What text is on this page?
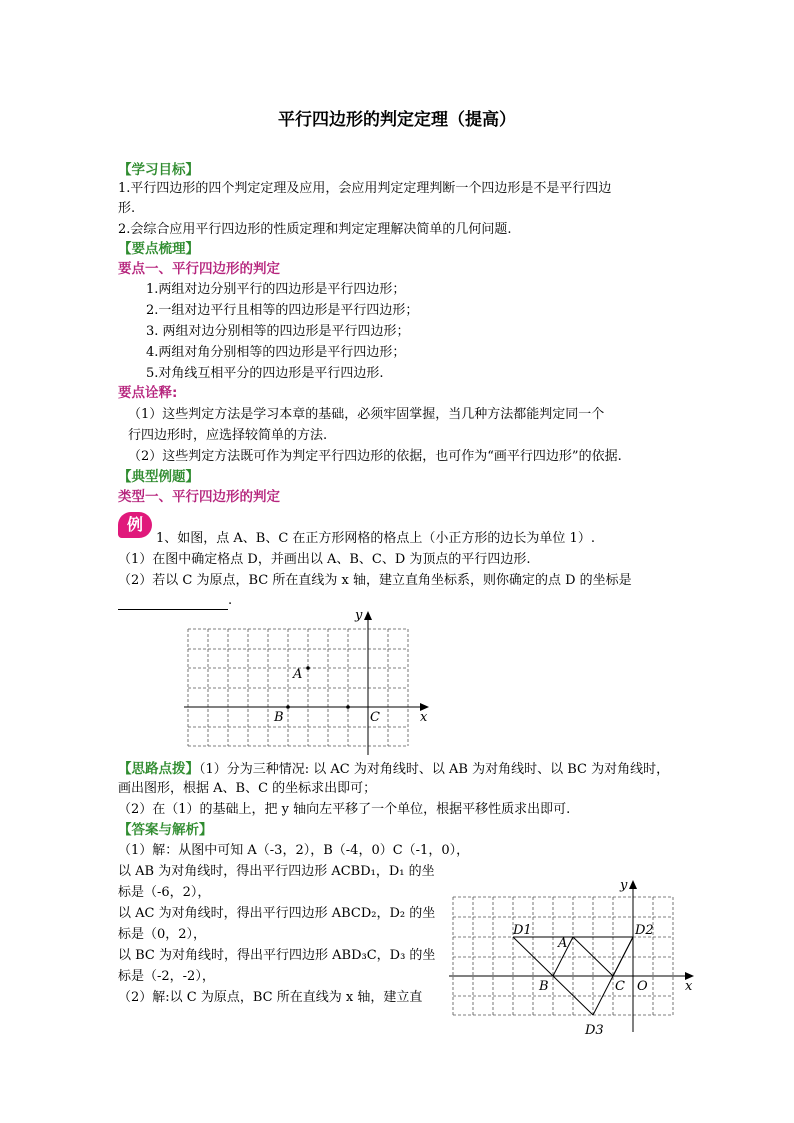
平行四边形的判定定理（提高）
【学习目标】
1.平行四边形的四个判定定理及应用，会应用判定定理判断一个四边形是不是平行四边
形.
2.会综合应用平行四边形的性质定理和判定定理解决简单的几何问题.
【要点梳理】
要点一、平行四边形的判定
1.两组对边分别平行的四边形是平行四边形；
2.一组对边平行且相等的四边形是平行四边形；
3. 两组对边分别相等的四边形是平行四边形；
4.两组对角分别相等的四边形是平行四边形；
5.对角线互相平分的四边形是平行四边形.
要点诠释:
（1）这些判定方法是学习本章的基础，必须牢固掌握，当几种方法都能判定同一个
行四边形时，应选择较简单的方法.
（2）这些判定方法既可作为判定平行四边形的依据，也可作为“画平行四边形”的依据.
【典型例题】
类型一、平行四边形的判定
例
1、如图，点 A、B、C 在正方形网格的格点上（小正方形的边长为单位 1）.
（1）在图中确定格点 D，并画出以 A、B、C、D 为顶点的平行四边形.
（2）若以 C 为原点，BC 所在直线为 x 轴，建立直角坐标系，则你确定的点 D 的坐标是
.
y
x
A
B	C
【思路点拨】（1）分为三种情况: 以 AC 为对角线时、以 AB 为对角线时、以 BC 为对角线时，
画出图形，根据 A、B、C 的坐标求出即可；
（2）在（1）的基础上，把 y 轴向左平移了一个单位，根据平移性质求出即可.
【答案与解析】
（1）解：从图中可知 A（-3，2），B（-4，0）C（-1，0），
以 AB 为对角线时，得出平行四边形 ACBD₁，D₁ 的坐
标是（-6，2），
以 AC 为对角线时，得出平行四边形 ABCD₂，D₂ 的坐
标是（0，2），
以 BC 为对角线时，得出平行四边形 ABD₃C，D₃ 的坐
标是（-2，-2），
（2）解:以 C 为原点，BC 所在直线为 x 轴，建立直
y
x
A
B	C O
D1	D2
D3
